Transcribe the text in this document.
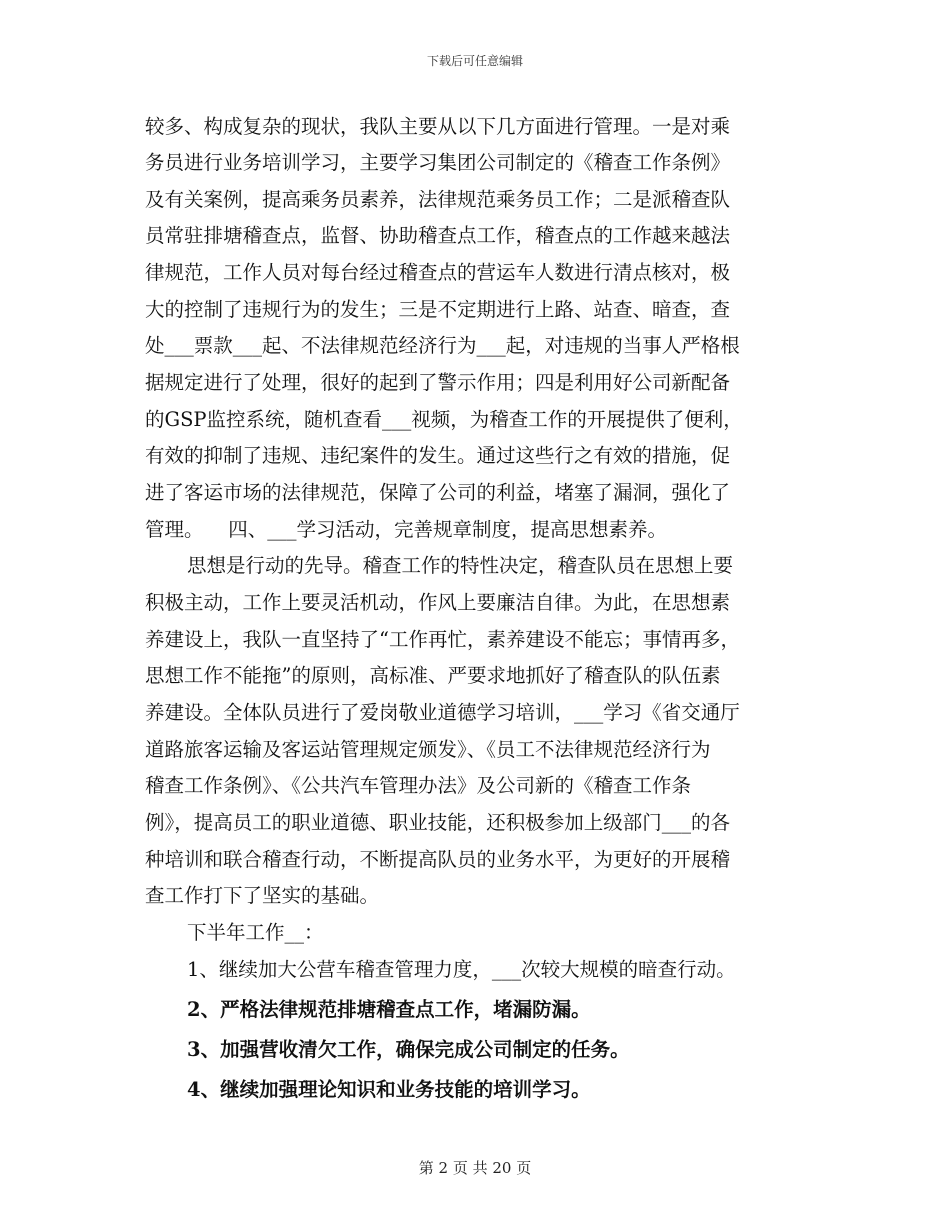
下载后可任意编辑
较多、构成复杂的现状，我队主要从以下几方面进行管理。一是对乘
务员进行业务培训学习，主要学习集团公司制定的《稽查工作条例》
及有关案例，提高乘务员素养，法律规范乘务员工作；二是派稽查队
员常驻排塘稽查点，监督、协助稽查点工作，稽查点的工作越来越法
律规范，工作人员对每台经过稽查点的营运车人数进行清点核对，极
大的控制了违规行为的发生；三是不定期进行上路、站查、暗查，查
处___票款___起、不法律规范经济行为___起，对违规的当事人严格根
据规定进行了处理，很好的起到了警示作用；四是利用好公司新配备
的GSP监控系统，随机查看___视频，为稽查工作的开展提供了便利，
有效的抑制了违规、违纪案件的发生。通过这些行之有效的措施，促
进了客运市场的法律规范，保障了公司的利益，堵塞了漏洞，强化了
管理。    四、___学习活动，完善规章制度，提高思想素养。
思想是行动的先导。稽查工作的特性决定，稽查队员在思想上要
积极主动，工作上要灵活机动，作风上要廉洁自律。为此，在思想素
养建设上，我队一直坚持了“工作再忙，素养建设不能忘；事情再多，
思想工作不能拖”的原则，高标准、严要求地抓好了稽查队的队伍素
养建设。全体队员进行了爱岗敬业道德学习培训，___学习《省交通厅
道路旅客运输及客运站管理规定颁发》、《员工不法律规范经济行为
稽查工作条例》、《公共汽车管理办法》及公司新的《稽查工作条
例》，提高员工的职业道德、职业技能，还积极参加上级部门___的各
种培训和联合稽查行动，不断提高队员的业务水平，为更好的开展稽
查工作打下了坚实的基础。
下半年工作__：
1、继续加大公营车稽查管理力度，___次较大规模的暗查行动。
2、严格法律规范排塘稽查点工作，堵漏防漏。
3、加强营收清欠工作，确保完成公司制定的任务。
4、继续加强理论知识和业务技能的培训学习。
第 2 页 共 20 页
